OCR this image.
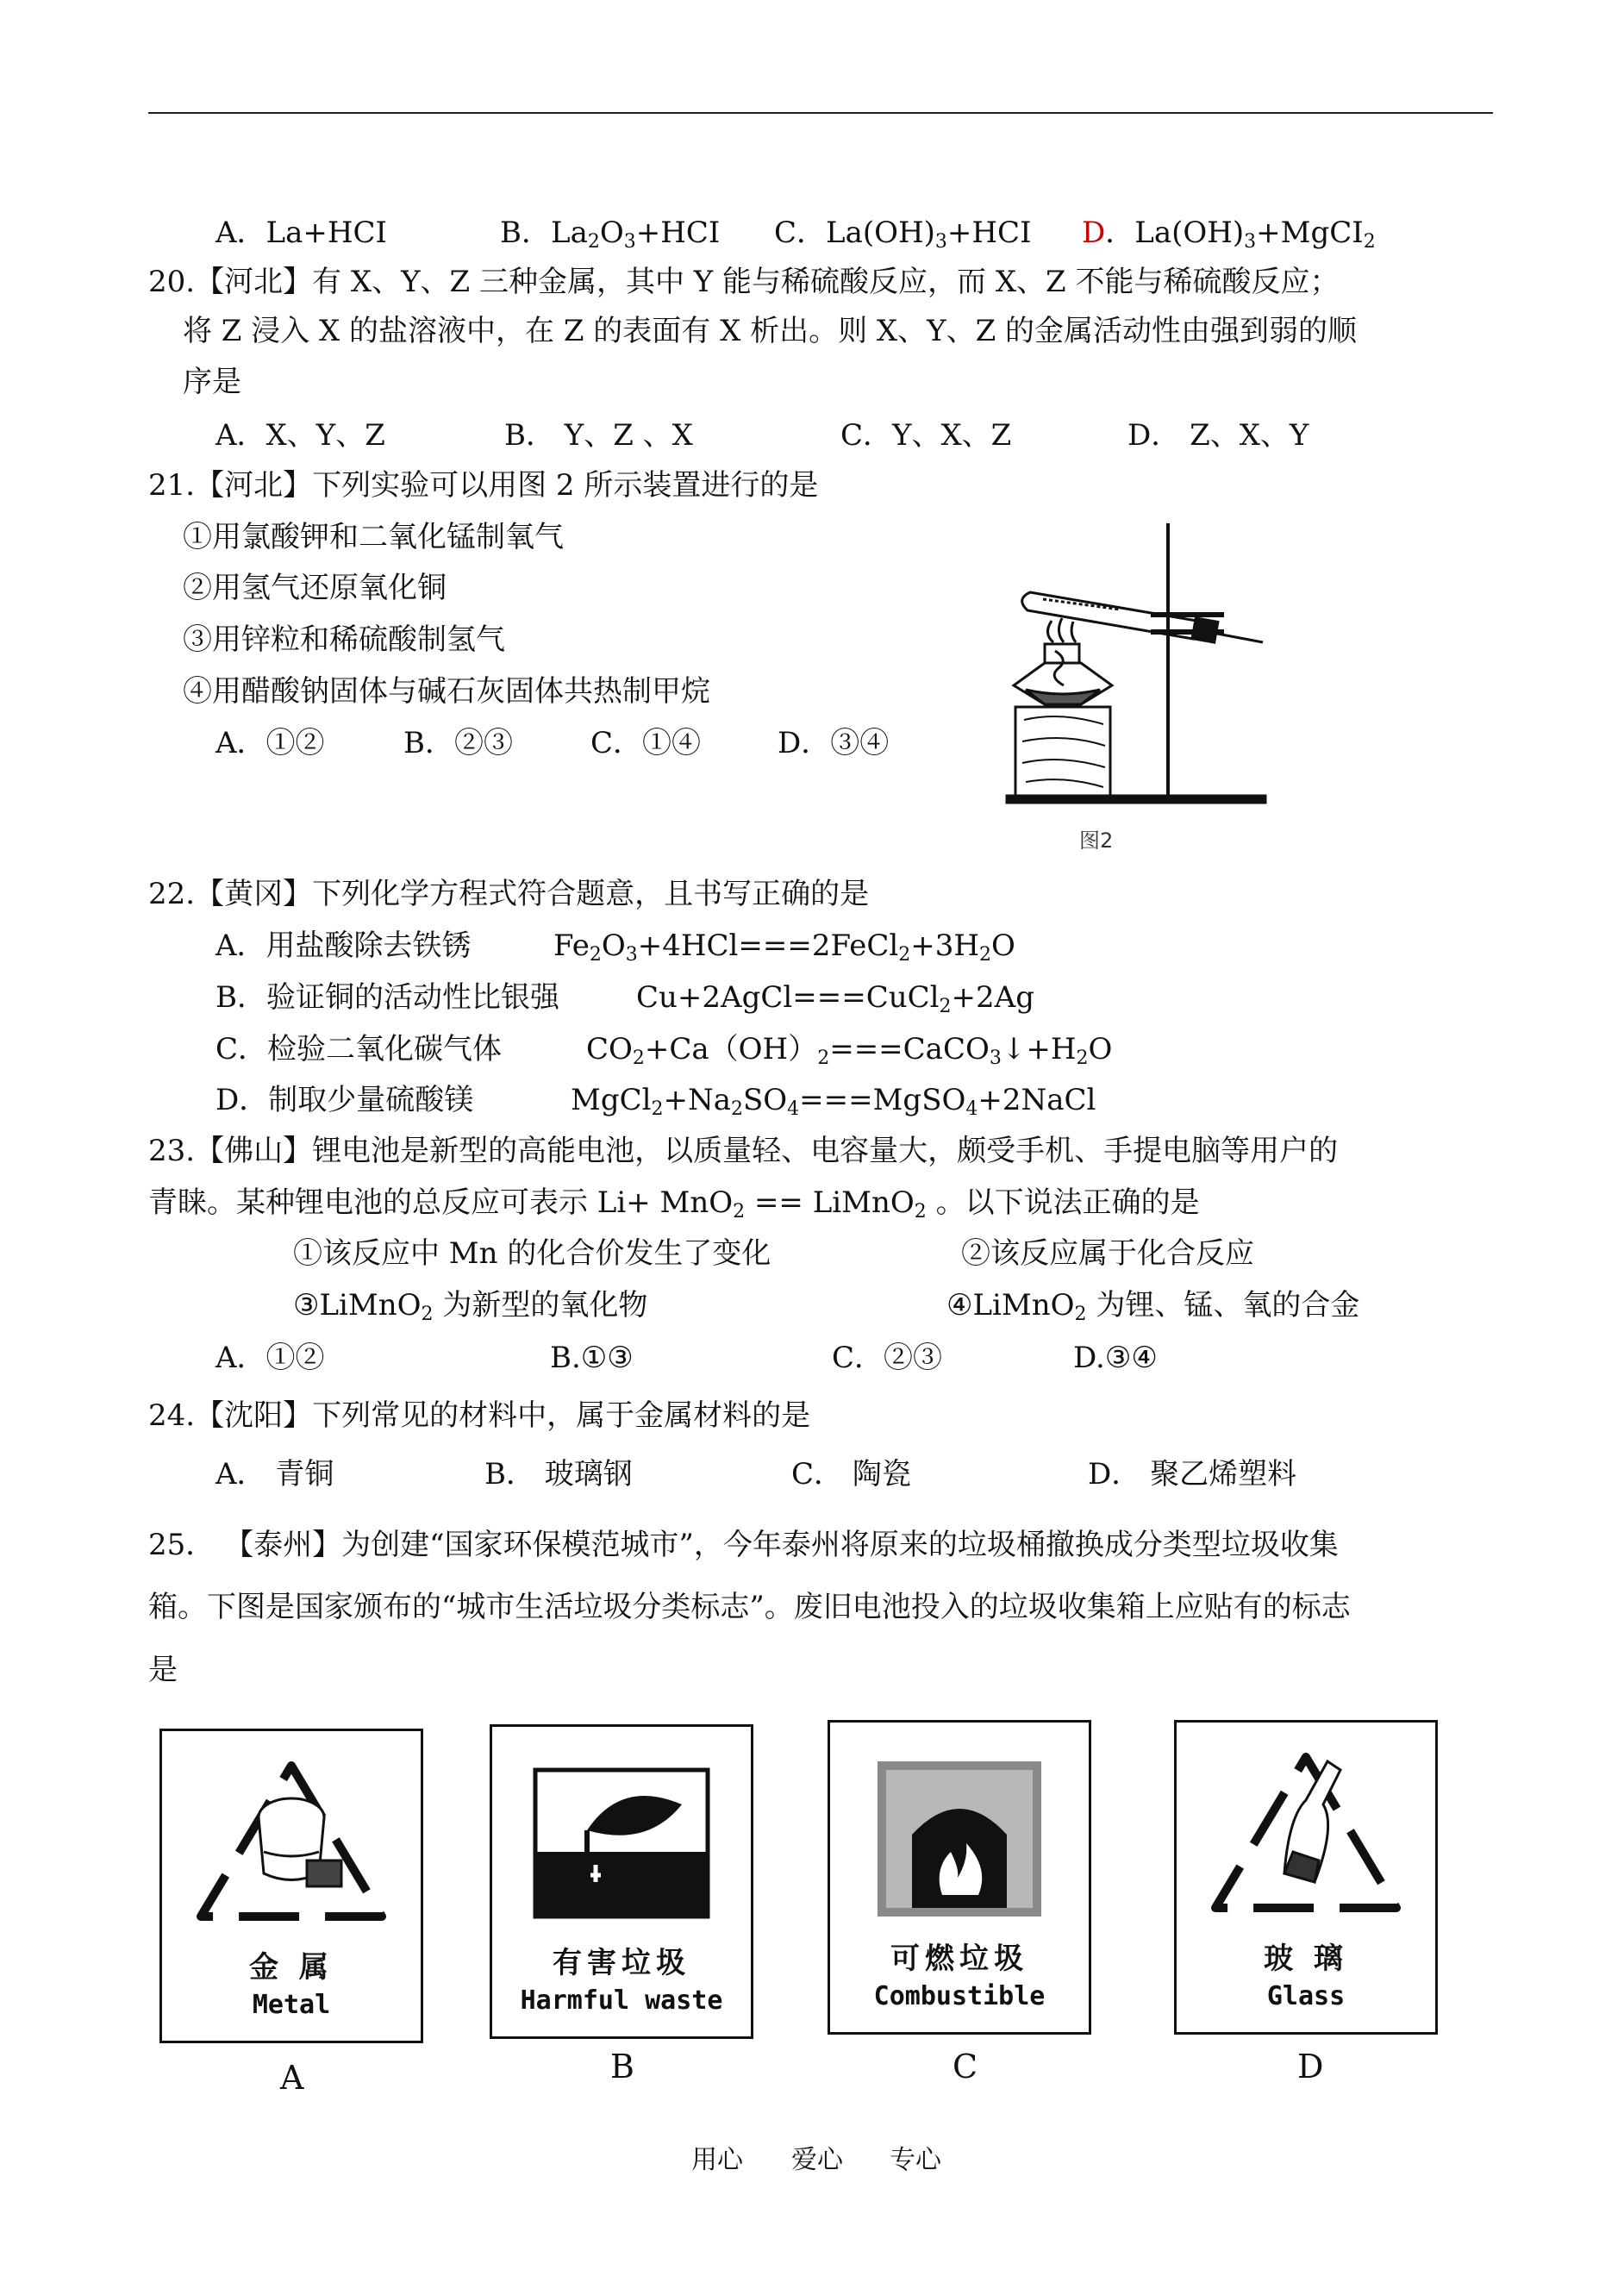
A．La+HCI	B．$La_2O_3+HCI$ C．$La(OH)_3+HCI$ D．$La(OH)_3+MgCI_2$
20.【河北】有 X、Y、Z 三种金属，其中 Y 能与稀硫酸反应，而 X、Z 不能与稀硫酸反应；
将 Z 浸入 X 的盐溶液中，在 Z 的表面有 X 析出。则 X、Y、Z 的金属活动性由强到弱的顺
序是
A．X、Y、Z	B． Y、Z 、X	C．Y、X、Z	D． Z、X、Y
21.【河北】下列实验可以用图 2 所示装置进行的是
①用氯酸钾和二氧化锰制氧气
②用氢气还原氧化铜
③用锌粒和稀硫酸制氢气
④用醋酸钠固体与碱石灰固体共热制甲烷
A．①②	B．②③	C．①④	D．③④
图2
22.【黄冈】下列化学方程式符合题意，且书写正确的是
A．用盐酸除去铁锈	$Fe_2O_3+4HCl===2FeCl_2+3H_2O$
B．验证铜的活动性比银强	Cu+2AgCl===CuCl$_2$+2Ag
C．检验二氧化碳气体	$CO_2+Ca(OH)_2===CaCO_3↓+H_2O$
D．制取少量硫酸镁	$MgCl_2+Na_2SO_4===MgSO_4+2NaCl$
23.【佛山】锂电池是新型的高能电池，以质量轻、电容量大，颇受手机、手提电脑等用户的
青睐。某种锂电池的总反应可表示 Li+ MnO$_2$ == LiMnO$_2$ 。以下说法正确的是
①该反应中 Mn 的化合价发生了变化	②该反应属于化合反应
③LiMnO$_2$ 为新型的氧化物	④LiMnO$_2$ 为锂、锰、氧的合金
A．①②	B.①③	C．②③	D.③④
24.【沈阳】下列常见的材料中，属于金属材料的是
A． 青铜	B． 玻璃钢	C． 陶瓷	D． 聚乙烯塑料
25． 【泰州】为创建“国家环保模范城市”，今年泰州将原来的垃圾桶撤换成分类型垃圾收集
箱。下图是国家颁布的“城市生活垃圾分类标志”。废旧电池投入的垃圾收集箱上应贴有的标志
是
金 属
Metal
有害垃圾
Harmful waste
可燃垃圾
Combustible
玻 璃
Glass
A	B	C	D
用心 爱心 专心
